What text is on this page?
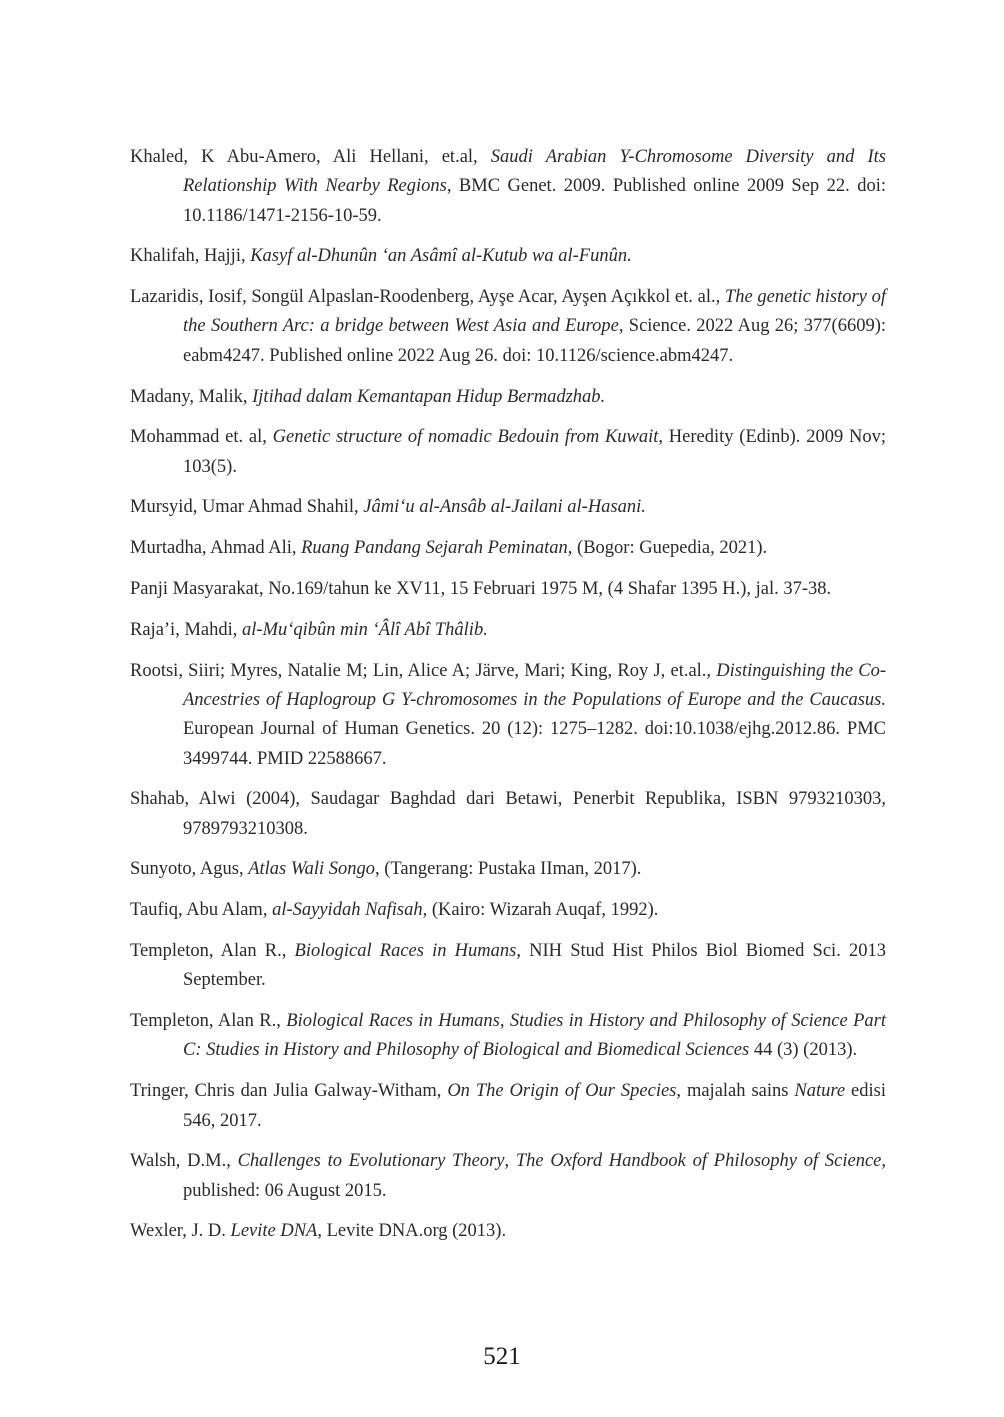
Khaled, K Abu-Amero, Ali Hellani, et.al, Saudi Arabian Y-Chromosome Diversity and Its Relationship With Nearby Regions, BMC Genet. 2009. Published online 2009 Sep 22. doi: 10.1186/1471-2156-10-59.
Khalifah, Hajji, Kasyf al-Dhunûn ‘an Asâmî al-Kutub wa al-Funûn.
Lazaridis, Iosif, Songül Alpaslan-Roodenberg, Ayşe Acar, Ayşen Açıkkol et. al., The genetic history of the Southern Arc: a bridge between West Asia and Europe, Science. 2022 Aug 26; 377(6609): eabm4247. Published online 2022 Aug 26. doi: 10.1126/science.abm4247.
Madany, Malik, Ijtihad dalam Kemantapan Hidup Bermadzhab.
Mohammad et. al, Genetic structure of nomadic Bedouin from Kuwait, Heredity (Edinb). 2009 Nov; 103(5).
Mursyid, Umar Ahmad Shahil, Jâmi‘u al-Ansâb al-Jailani al-Hasani.
Murtadha, Ahmad Ali, Ruang Pandang Sejarah Peminatan, (Bogor: Guepedia, 2021).
Panji Masyarakat, No.169/tahun ke XV11, 15 Februari 1975 M, (4 Shafar 1395 H.), jal. 37-38.
Raja’i, Mahdi, al-Mu‘qibûn min ‘Âlî Abî Thâlib.
Rootsi, Siiri; Myres, Natalie M; Lin, Alice A; Järve, Mari; King, Roy J, et.al., Distinguishing the Co-Ancestries of Haplogroup G Y-chromosomes in the Populations of Europe and the Caucasus. European Journal of Human Genetics. 20 (12): 1275–1282. doi:10.1038/ejhg.2012.86. PMC 3499744. PMID 22588667.
Shahab, Alwi (2004), Saudagar Baghdad dari Betawi, Penerbit Republika, ISBN 9793210303, 9789793210308.
Sunyoto, Agus, Atlas Wali Songo, (Tangerang: Pustaka IIman, 2017).
Taufiq, Abu Alam, al-Sayyidah Nafisah, (Kairo: Wizarah Auqaf, 1992).
Templeton, Alan R., Biological Races in Humans, NIH Stud Hist Philos Biol Biomed Sci. 2013 September.
Templeton, Alan R., Biological Races in Humans, Studies in History and Philosophy of Science Part C: Studies in History and Philosophy of Biological and Biomedical Sciences 44 (3) (2013).
Tringer, Chris dan Julia Galway-Witham, On The Origin of Our Species, majalah sains Nature edisi 546, 2017.
Walsh, D.M., Challenges to Evolutionary Theory, The Oxford Handbook of Philosophy of Science, published: 06 August 2015.
Wexler, J. D. Levite DNA, Levite DNA.org (2013).
521
